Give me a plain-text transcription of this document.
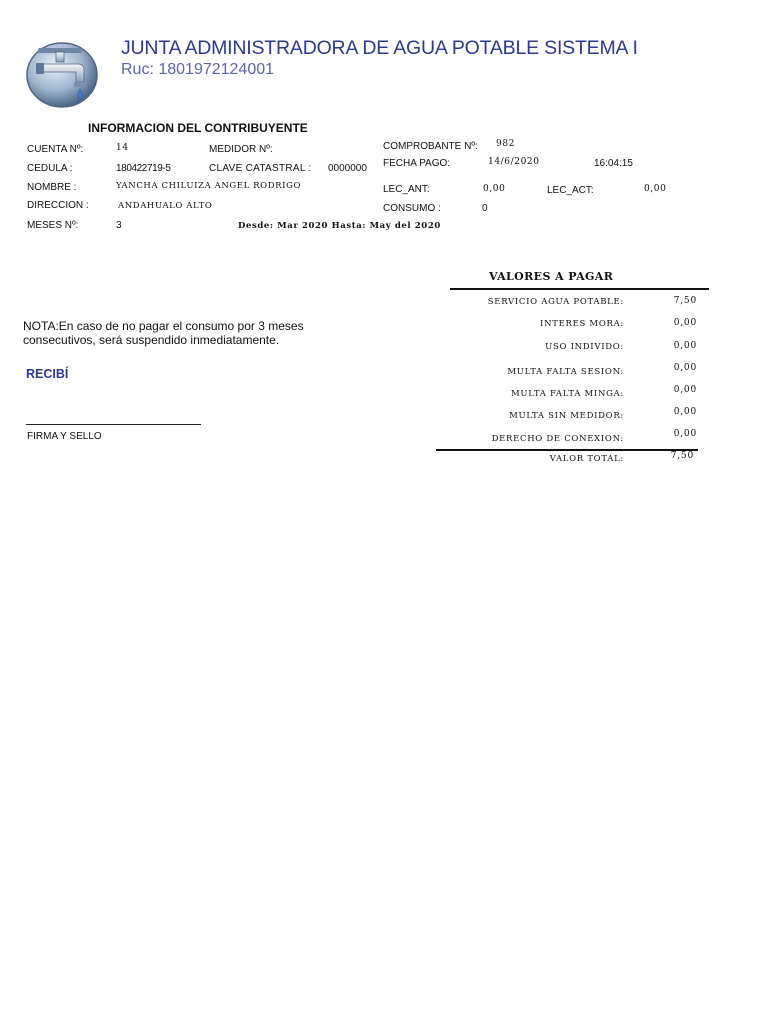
JUNTA ADMINISTRADORA DE AGUA POTABLE SISTEMA I
Ruc: 1801972124001
INFORMACION DEL CONTRIBUYENTE
CUENTA Nº:	14	MEDIDOR Nº:
CEDULA :	180422719-5	CLAVE CATASTRAL : 0000000
NOMBRE :	YANCHA CHILUIZA ANGEL RODRIGO
DIRECCION :	ANDAHUALO ALTO
MESES Nº:	3	Desde: Mar 2020 Hasta: May del 2020
COMPROBANTE Nº: 982
FECHA PAGO:	14/6/2020	16:04:15
LEC_ANT:	0,00	LEC_ACT:	0,00
CONSUMO :	0
NOTA:En caso de no pagar el consumo por 3 meses consecutivos, será suspendido inmediatamente.
RECIBÍ
FIRMA Y SELLO
VALORES A PAGAR
SERVICIO AGUA POTABLE:	7,50
INTERES MORA:	0,00
USO INDIVIDO:	0,00
MULTA FALTA SESION:	0,00
MULTA FALTA MINGA:	0,00
MULTA SIN MEDIDOR:	0,00
DERECHO DE CONEXION:	0,00
VALOR TOTAL:	7,50
